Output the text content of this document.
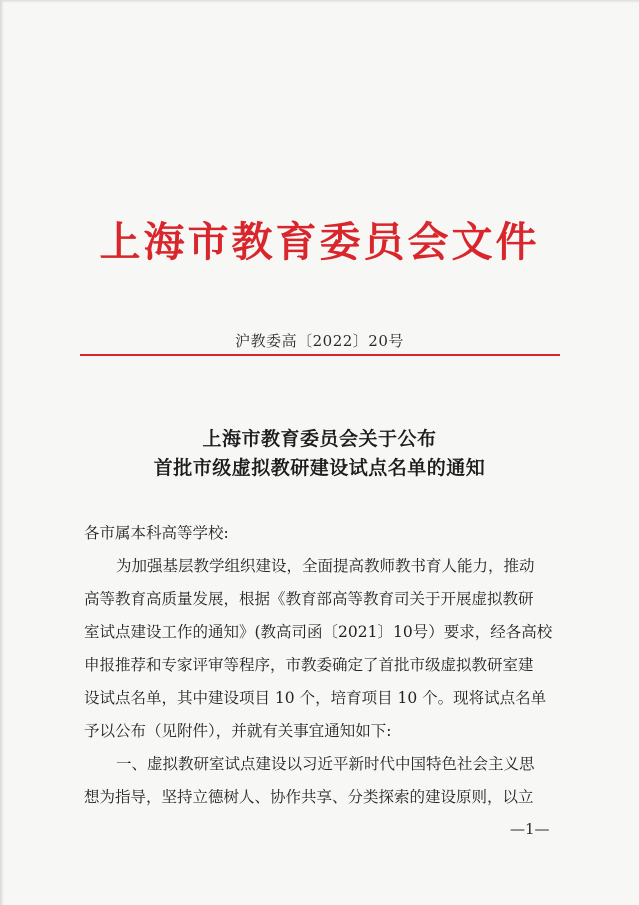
上海市教育委员会文件
沪教委高〔2022〕20号
上海市教育委员会关于公布
首批市级虚拟教研建设试点名单的通知
各市属本科高等学校:
为加强基层教学组织建设，全面提高教师教书育人能力，推动
高等教育高质量发展，根据《教育部高等教育司关于开展虚拟教研
室试点建设工作的通知》(教高司函〔2021〕10号）要求，经各高校
申报推荐和专家评审等程序，市教委确定了首批市级虚拟教研室建
设试点名单，其中建设项目 10 个，培育项目 10 个。现将试点名单
予以公布（见附件），并就有关事宜通知如下:
一、虚拟教研室试点建设以习近平新时代中国特色社会主义思
想为指导，坚持立德树人、协作共享、分类探索的建设原则，以立
—1—
